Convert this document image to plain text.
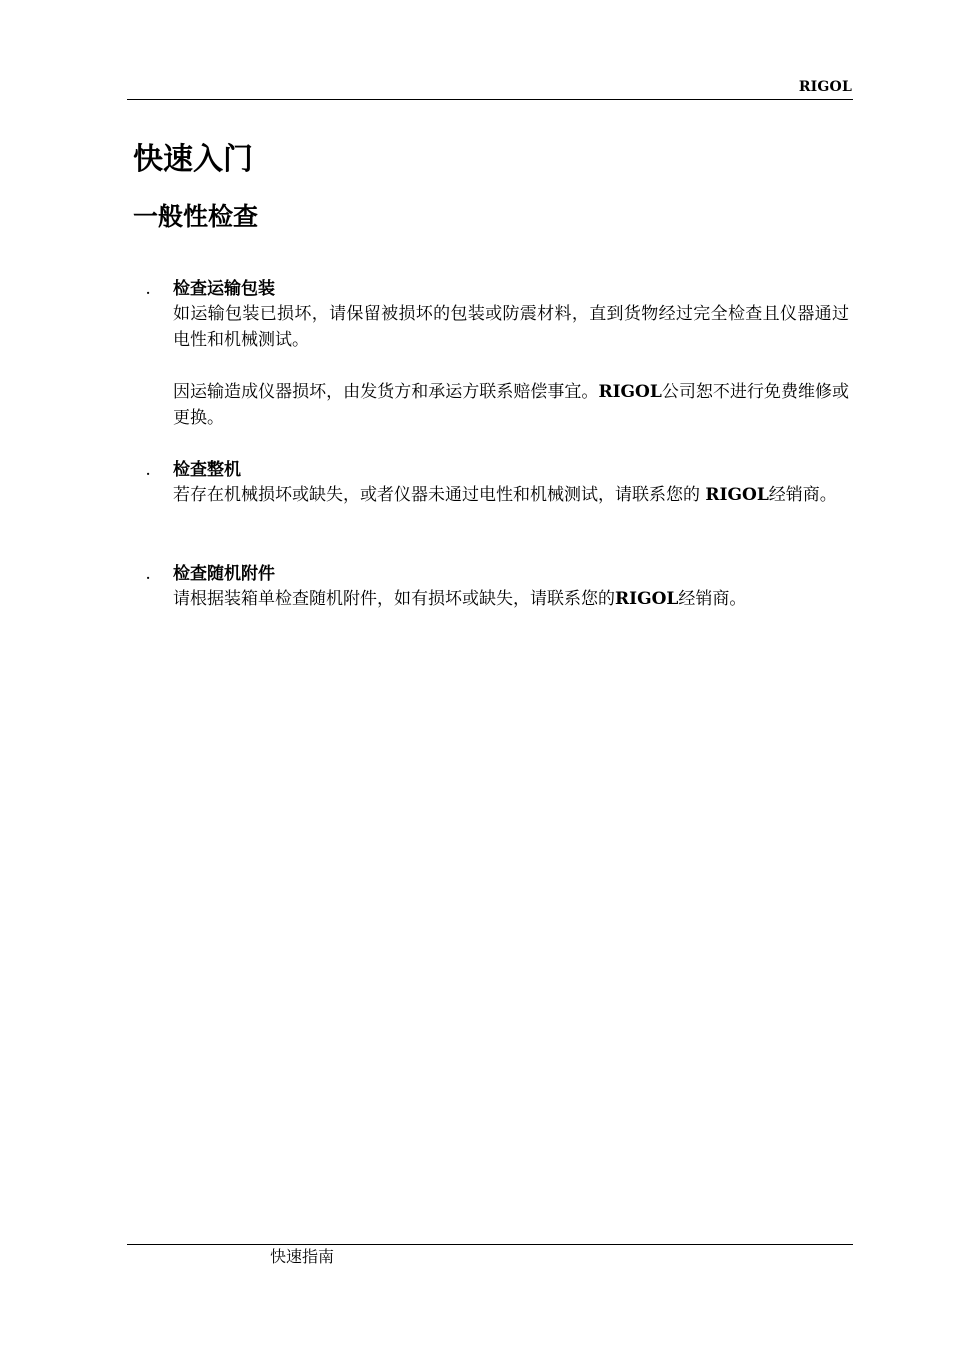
RIGOL
快速入门
一般性检查
. 检查运输包装
如运输包装已损坏，请保留被损坏的包装或防震材料，直到货物经过完全检查且仪器通过电性和机械测试。
因运输造成仪器损坏，由发货方和承运方联系赔偿事宜。RIGOL公司恕不进行免费维修或更换。
. 检查整机
若存在机械损坏或缺失，或者仪器未通过电性和机械测试，请联系您的 RIGOL经销商。
. 检查随机附件
请根据装箱单检查随机附件，如有损坏或缺失，请联系您的RIGOL经销商。
快速指南
